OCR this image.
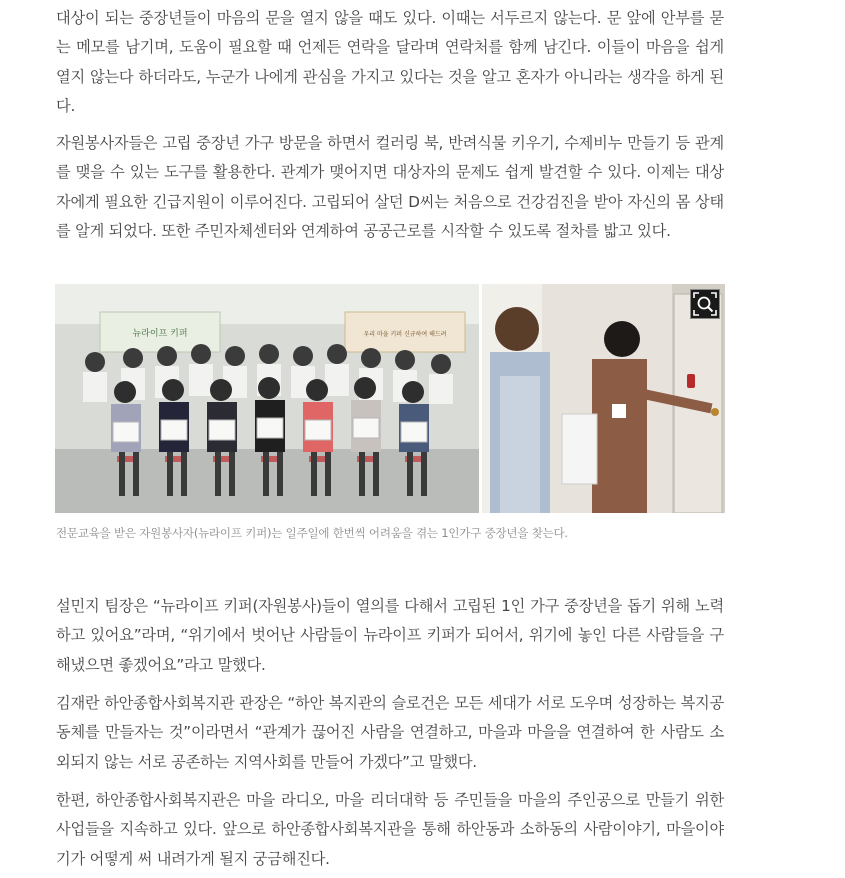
대상이 되는 중장년들이 마음의 문을 열지 않을 때도 있다. 이때는 서두르지 않는다. 문 앞에 안부를 묻는 메모를 남기며, 도움이 필요할 때 언제든 연락을 달라며 연락처를 함께 남긴다. 이들이 마음을 쉽게 열지 않는다 하더라도, 누군가 나에게 관심을 가지고 있다는 것을 알고 혼자가 아니라는 생각을 하게 된다.

자원봉사자들은 고립 중장년 가구 방문을 하면서 컬러링 북, 반려식물 키우기, 수제비누 만들기 등 관계를 맺을 수 있는 도구를 활용한다. 관계가 맺어지면 대상자의 문제도 쉽게 발견할 수 있다. 이제는 대상자에게 필요한 긴급지원이 이루어진다. 고립되어 살던 D씨는 처음으로 건강검진을 받아 자신의 몸 상태를 알게 되었다. 또한 주민자체센터와 연계하여 공공근로를 시작할 수 있도록 절차를 밟고 있다.

뉴라이프 키퍼	우리 마을 키퍼 신규하여 해드려
전문교육을 받은 자원봉사자(뉴라이프 키퍼)는 일주일에 한번씩 어려움을 겪는 1인가구 중장년을 찾는다.

설민지 팀장은 “뉴라이프 키퍼(자원봉사)들이 열의를 다해서 고립된 1인 가구 중장년을 돕기 위해 노력하고 있어요”라며, “위기에서 벗어난 사람들이 뉴라이프 키퍼가 되어서, 위기에 놓인 다른 사람들을 구해냈으면 좋겠어요”라고 말했다.

김재란 하안종합사회복지관 관장은 “하안 복지관의 슬로건은 모든 세대가 서로 도우며 성장하는 복지공동체를 만들자는 것”이라면서 “관계가 끊어진 사람을 연결하고, 마을과 마을을 연결하여 한 사람도 소외되지 않는 서로 공존하는 지역사회를 만들어 가겠다”고 말했다.

한편, 하안종합사회복지관은 마을 라디오, 마을 리더대학 등 주민들을 마을의 주인공으로 만들기 위한 사업들을 지속하고 있다. 앞으로 하안종합사회복지관을 통해 하안동과 소하동의 사람이야기, 마을이야기가 어떻게 써 내려가게 될지 궁금해진다.
